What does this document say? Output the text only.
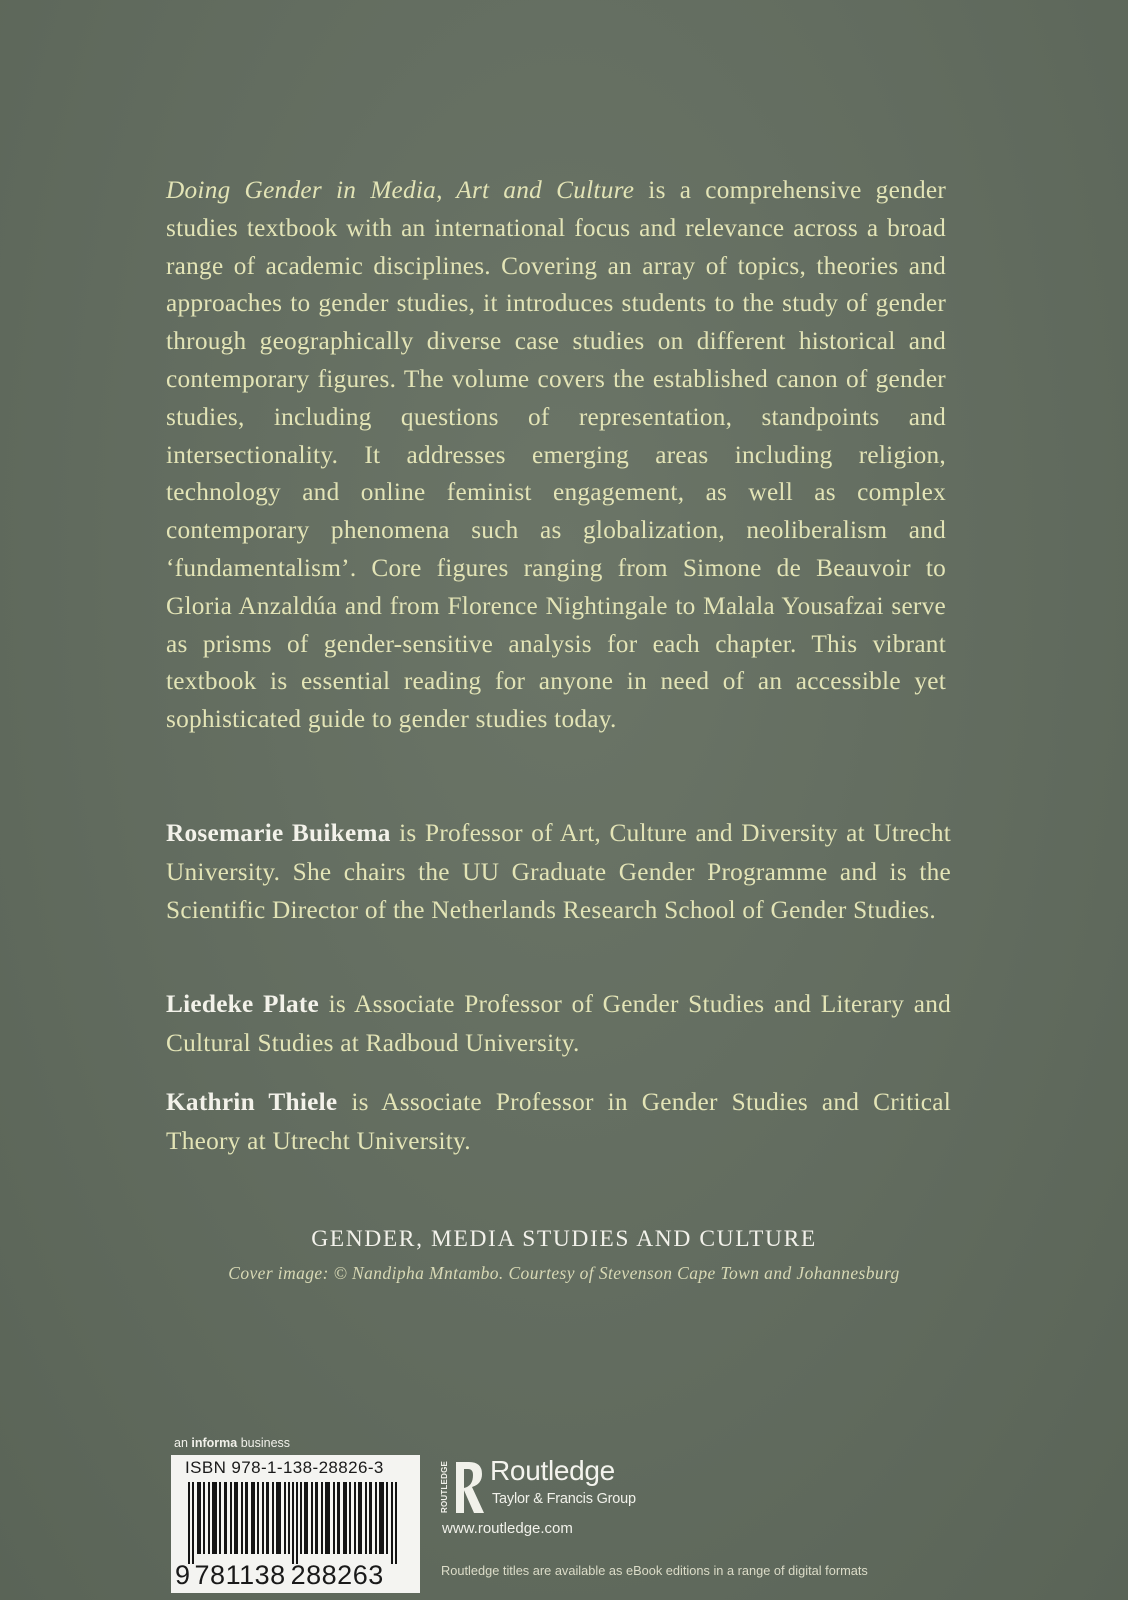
Doing Gender in Media, Art and Culture is a comprehensive gender studies textbook with an international focus and relevance across a broad range of academic disciplines. Covering an array of topics, theories and approaches to gender studies, it introduces students to the study of gender through geographically diverse case studies on different historical and contemporary figures. The volume covers the established canon of gender studies, including questions of representation, standpoints and intersectionality. It addresses emerging areas including religion, technology and online feminist engagement, as well as complex contemporary phenomena such as globalization, neoliberalism and ‘fundamentalism’. Core figures ranging from Simone de Beauvoir to Gloria Anzaldúa and from Florence Nightingale to Malala Yousafzai serve as prisms of gender-sensitive analysis for each chapter. This vibrant textbook is essential reading for anyone in need of an accessible yet sophisticated guide to gender studies today.
Rosemarie Buikema is Professor of Art, Culture and Diversity at Utrecht University. She chairs the UU Graduate Gender Programme and is the Scientific Director of the Netherlands Research School of Gender Studies.
Liedeke Plate is Associate Professor of Gender Studies and Literary and Cultural Studies at Radboud University.
Kathrin Thiele is Associate Professor in Gender Studies and Critical Theory at Utrecht University.
GENDER, MEDIA STUDIES AND CULTURE
Cover image: © Nandipha Mntambo. Courtesy of Stevenson Cape Town and Johannesburg
an informa business
ISBN 978-1-138-28826-3
9 781138 288263
ROUTLEDGE Routledge
Taylor & Francis Group
www.routledge.com
Routledge titles are available as eBook editions in a range of digital formats
